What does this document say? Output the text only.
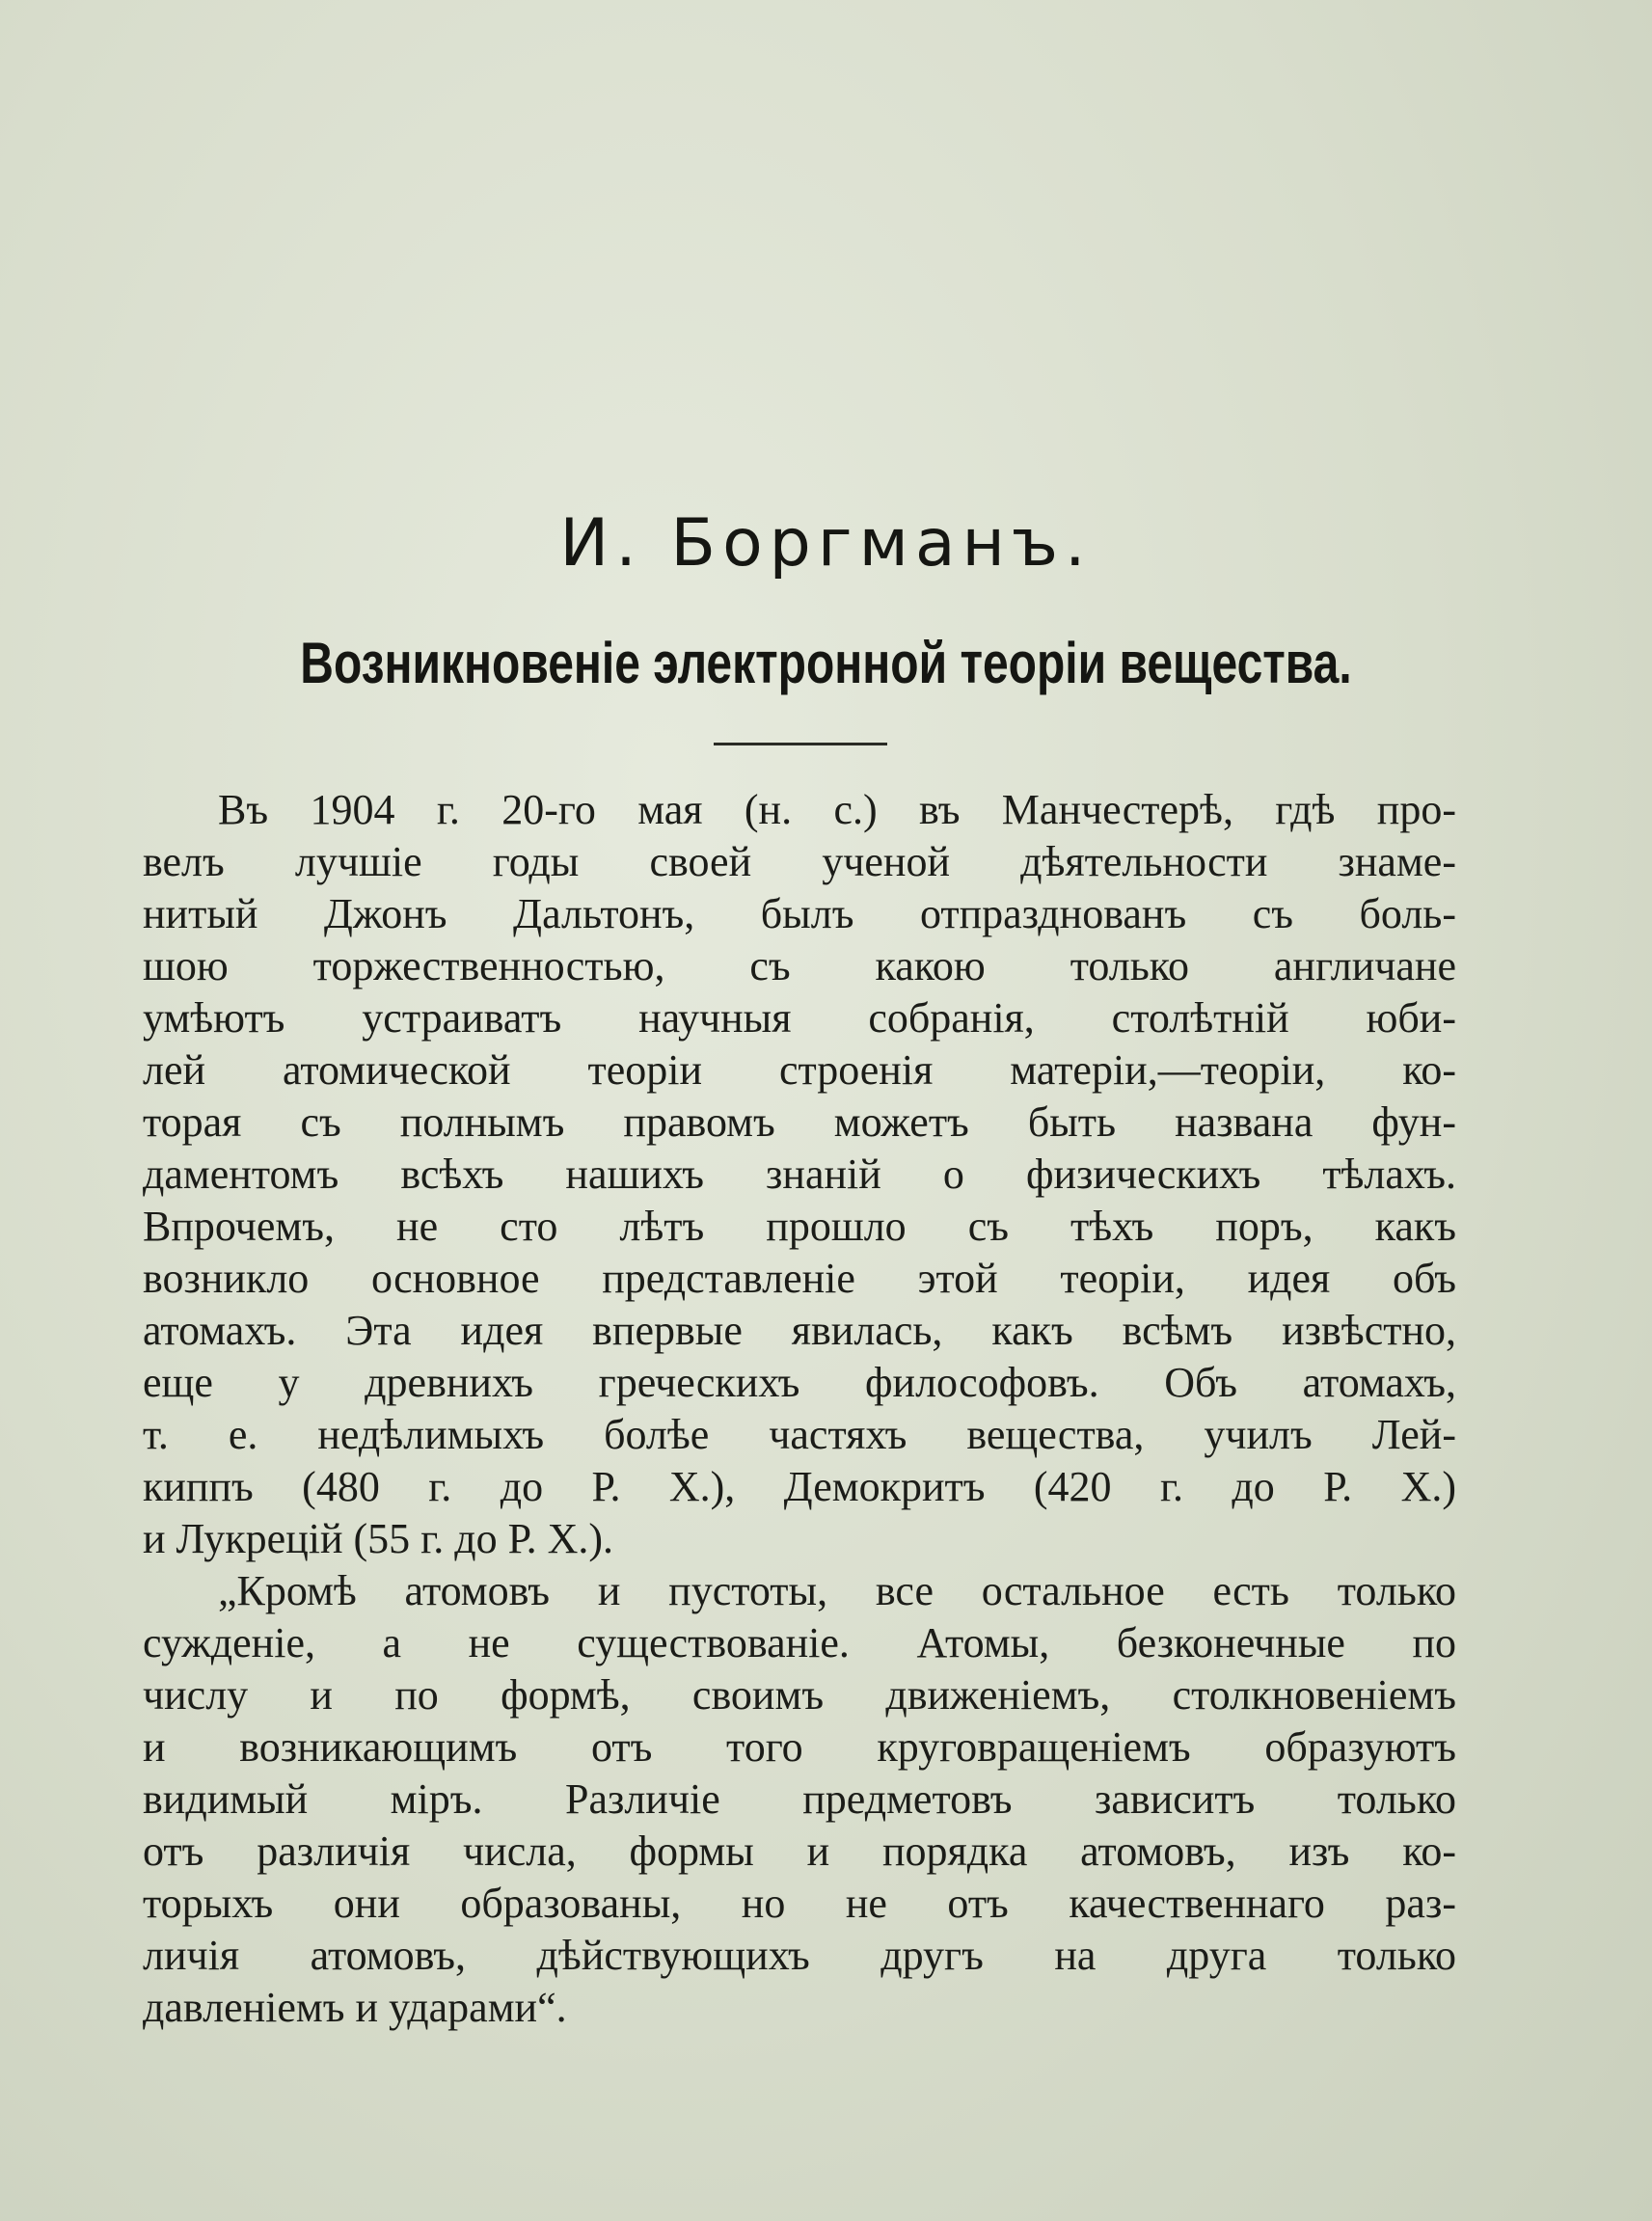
И. Боргманъ.
Возникновеніе электронной теоріи вещества.
Въ 1904 г. 20-го мая (н. с.) въ Манчестерѣ, гдѣ про-
велъ лучшіе годы своей ученой дѣятельности знаме-
нитый Джонъ Дальтонъ, былъ отпразднованъ съ боль-
шою торжественностью, съ какою только англичане
умѣютъ устраиватъ научныя собранія, столѣтній юби-
лей атомической теоріи строенія матеріи,—теоріи, ко-
торая съ полнымъ правомъ можетъ быть названа фун-
даментомъ всѣхъ нашихъ знаній о физическихъ тѣлахъ.
Впрочемъ, не сто лѣтъ прошло съ тѣхъ поръ, какъ
возникло основное представленіе этой теоріи, идея объ
атомахъ. Эта идея впервые явилась, какъ всѣмъ извѣстно,
еще у древнихъ греческихъ философовъ. Объ атомахъ,
т. е. недѣлимыхъ болѣе частяхъ вещества, училъ Лей-
киппъ (480 г. до Р. Х.), Демокритъ (420 г. до Р. Х.)
и Лукрецій (55 г. до Р. Х.).
„Кромѣ атомовъ и пустоты, все остальное есть только
сужденіе, а не существованіе. Атомы, безконечные по
числу и по формѣ, своимъ движеніемъ, столкновеніемъ
и возникающимъ отъ того круговращеніемъ образуютъ
видимый міръ. Различіе предметовъ зависитъ только
отъ различія числа, формы и порядка атомовъ, изъ ко-
торыхъ они образованы, но не отъ качественнаго раз-
личія атомовъ, дѣйствующихъ другъ на друга только
давленіемъ и ударами“.
